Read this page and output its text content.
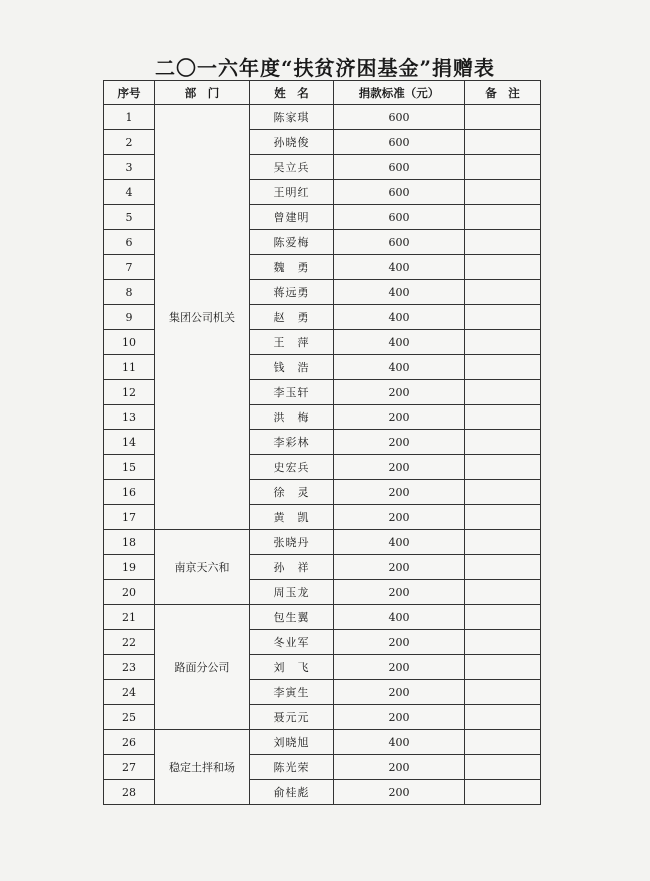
二〇一六年度“扶贫济困基金”捐赠表
序号	部　门	姓　名	捐款标准（元）	备　注
1	集团公司机关	陈家琪	600	
2		孙晓俊	600	
3		吴立兵	600	
4		王明红	600	
5		曾建明	600	
6		陈爱梅	600	
7		魏　勇	400	
8		蒋远勇	400	
9		赵　勇	400	
10		王　萍	400	
11		钱　浩	400	
12		李玉轩	200	
13		洪　梅	200	
14		李彩林	200	
15		史宏兵	200	
16		徐　灵	200	
17		黄　凯	200	
18	南京天六和	张晓丹	400	
19		孙　祥	200	
20		周玉龙	200	
21	路面分公司	包生翼	400	
22		冬业军	200	
23		刘　飞	200	
24		李寅生	200	
25		聂元元	200	
26	稳定土拌和场	刘晓旭	400	
27		陈光荣	200	
28		俞桂彪	200	
